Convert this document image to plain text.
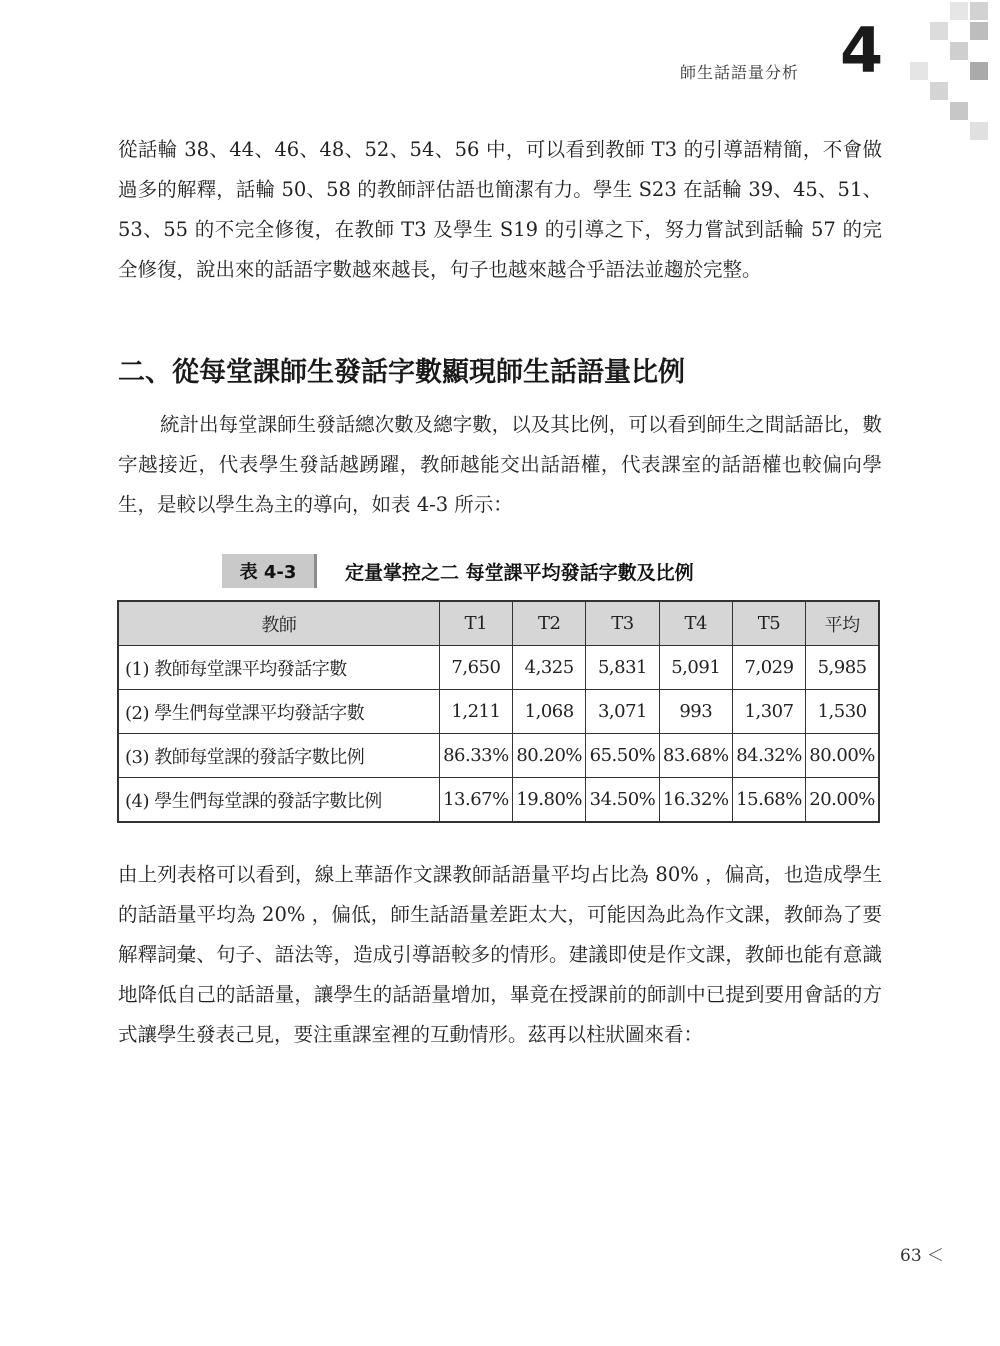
師生話語量分析 4

從話輪 38、44、46、48、52、54、56 中，可以看到教師 T3 的引導語精簡，不會做過多的解釋，話輪 50、58 的教師評估語也簡潔有力。學生 S23 在話輪 39、45、51、53、55 的不完全修復，在教師 T3 及學生 S19 的引導之下，努力嘗試到話輪 57 的完全修復，說出來的話語字數越來越長，句子也越來越合乎語法並趨於完整。

二、從每堂課師生發話字數顯現師生話語量比例

統計出每堂課師生發話總次數及總字數，以及其比例，可以看到師生之間話語比，數字越接近，代表學生發話越踴躍，教師越能交出話語權，代表課室的話語權也較偏向學生，是較以學生為主的導向，如表 4-3 所示：

表 4-3	定量掌控之二 每堂課平均發話字數及比例
教師	T1	T2	T3	T4	T5	平均
(1) 教師每堂課平均發話字數	7,650	4,325	5,831	5,091	7,029	5,985
(2) 學生們每堂課平均發話字數	1,211	1,068	3,071	993	1,307	1,530
(3) 教師每堂課的發話字數比例	86.33%	80.20%	65.50%	83.68%	84.32%	80.00%
(4) 學生們每堂課的發話字數比例	13.67%	19.80%	34.50%	16.32%	15.68%	20.00%

由上列表格可以看到，線上華語作文課教師話語量平均占比為 80% ，偏高，也造成學生的話語量平均為 20% ，偏低，師生話語量差距太大，可能因為此為作文課，教師為了要解釋詞彙、句子、語法等，造成引導語較多的情形。建議即使是作文課，教師也能有意識地降低自己的話語量，讓學生的話語量增加，畢竟在授課前的師訓中已提到要用會話的方式讓學生發表己見，要注重課室裡的互動情形。茲再以柱狀圖來看：

63 ＜
